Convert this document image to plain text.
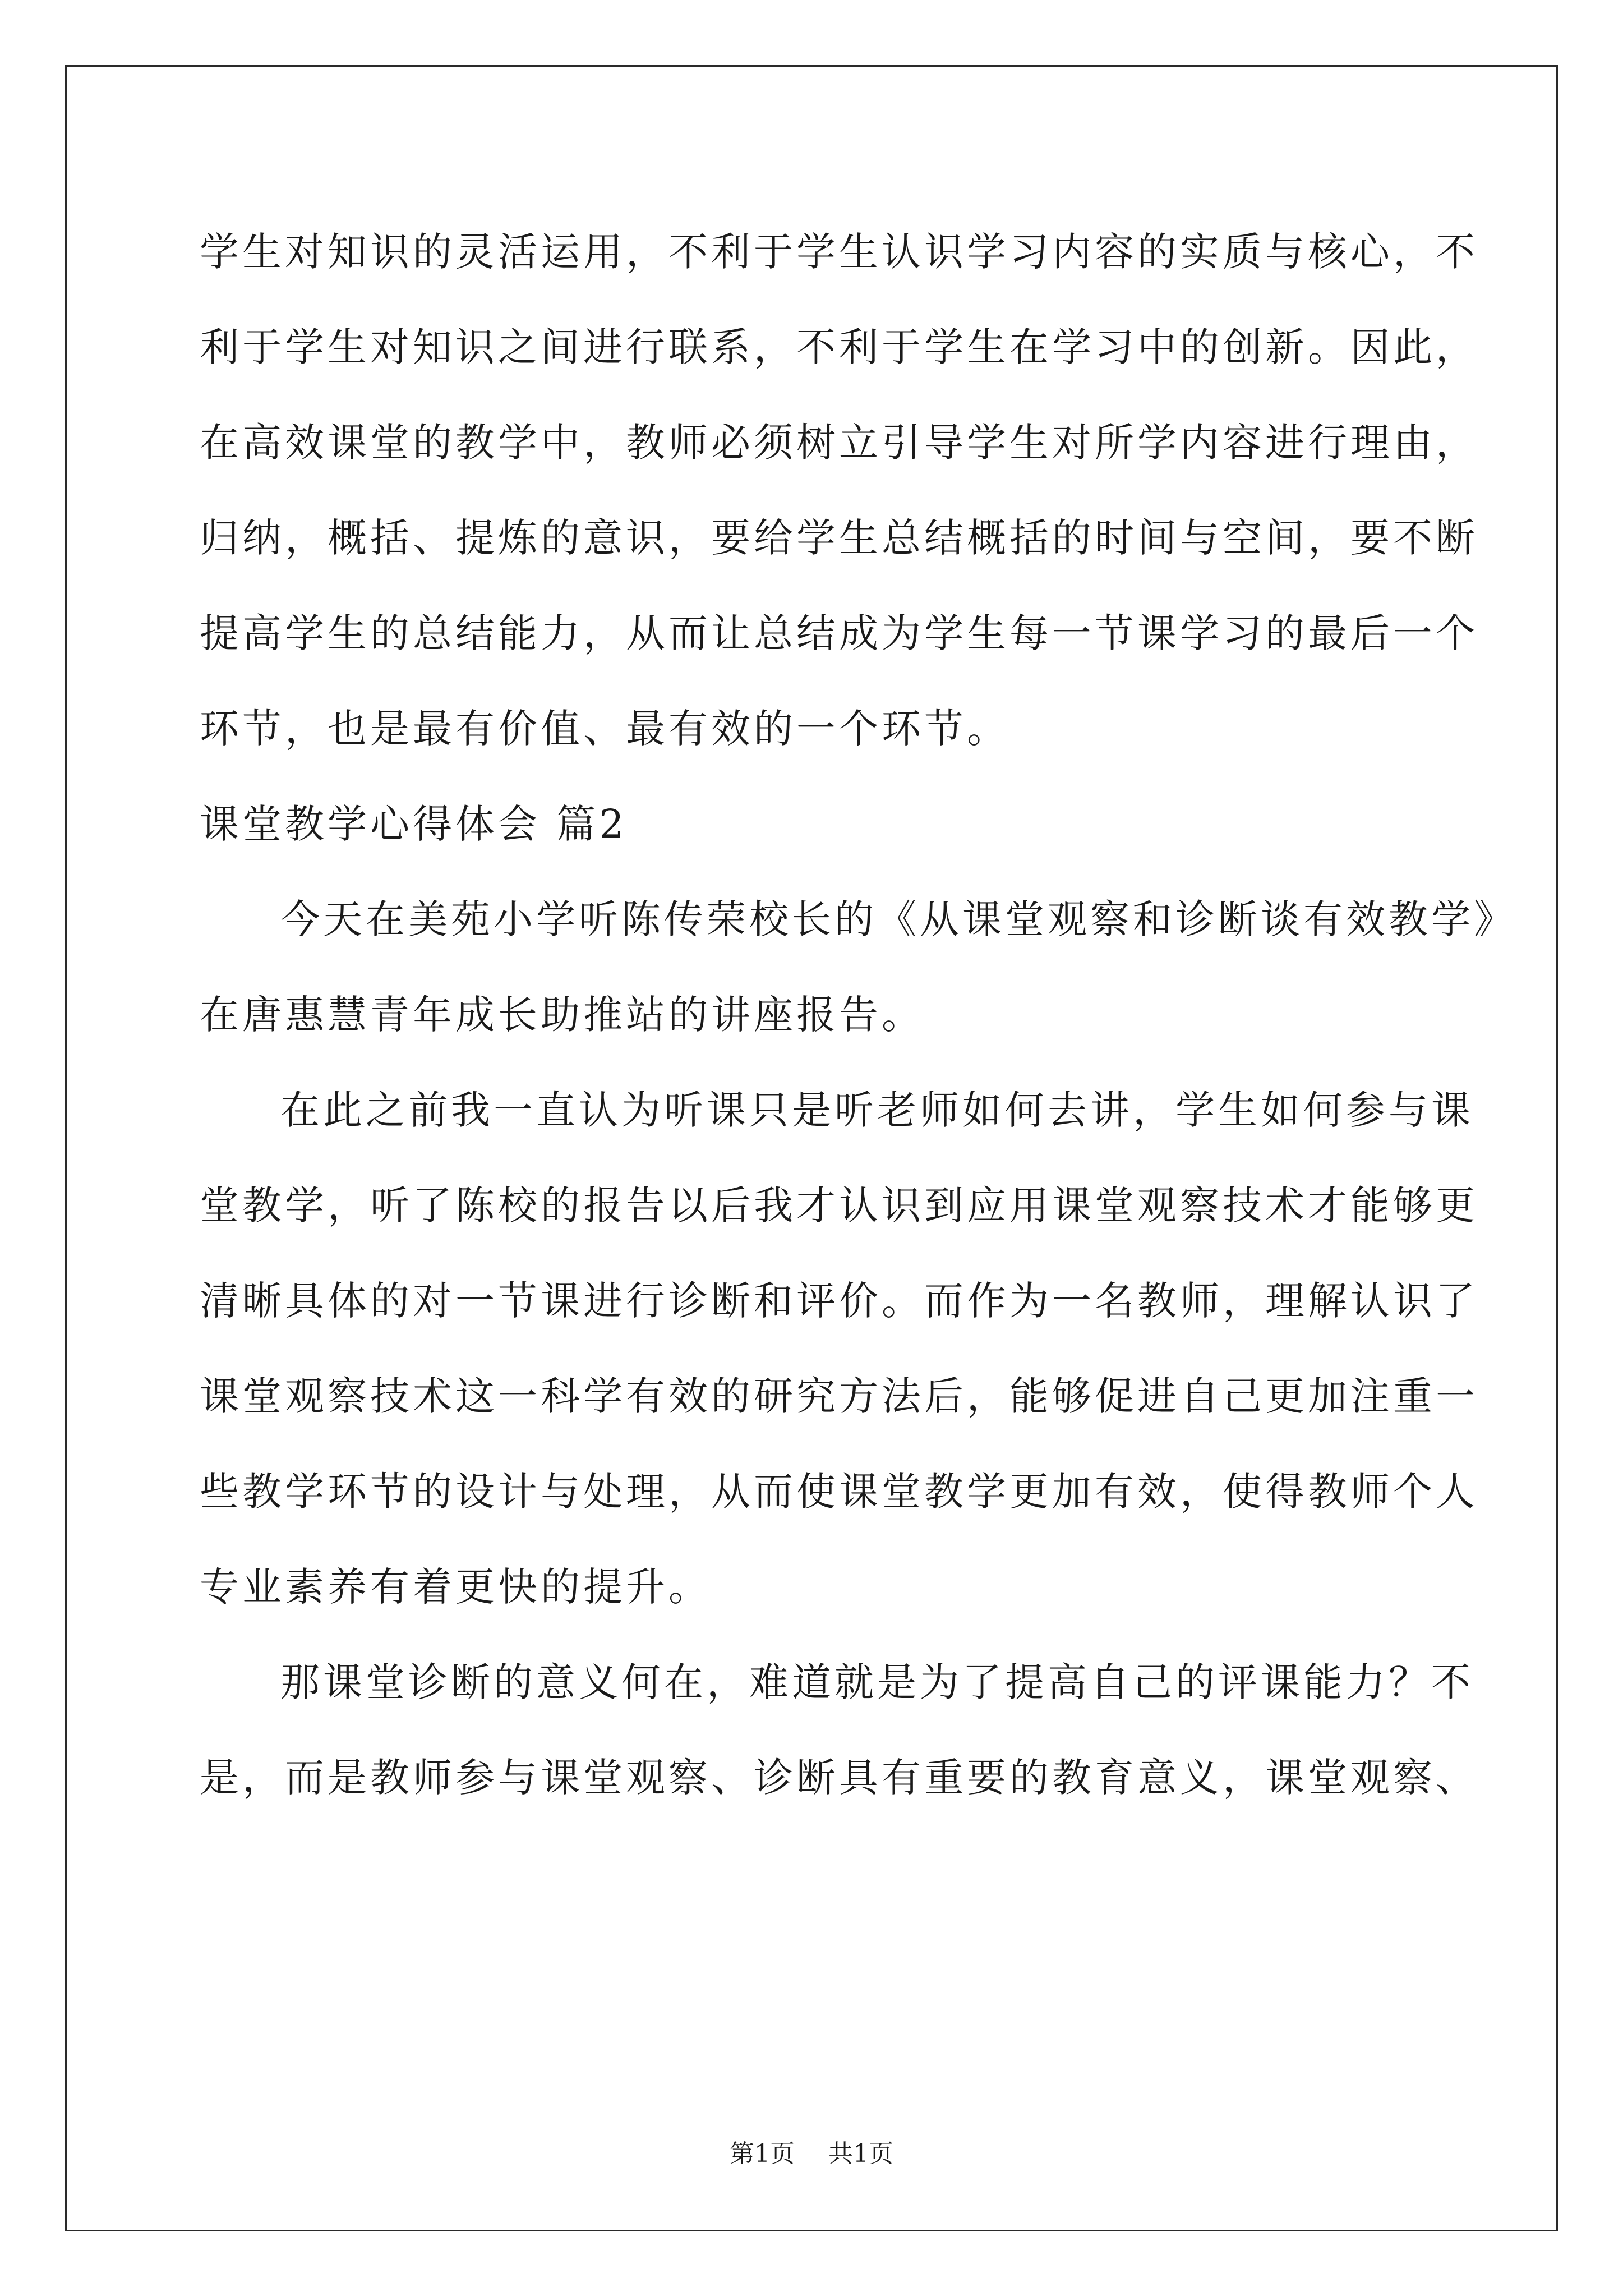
学生对知识的灵活运用，不利于学生认识学习内容的实质与核心，不
利于学生对知识之间进行联系，不利于学生在学习中的创新。因此，
在高效课堂的教学中，教师必须树立引导学生对所学内容进行理由，
归纳，概括、提炼的意识，要给学生总结概括的时间与空间，要不断
提高学生的总结能力，从而让总结成为学生每一节课学习的最后一个
环节，也是最有价值、最有效的一个环节。
课堂教学心得体会 篇2
今天在美苑小学听陈传荣校长的《从课堂观察和诊断谈有效教学》
在唐惠慧青年成长助推站的讲座报告。
在此之前我一直认为听课只是听老师如何去讲，学生如何参与课
堂教学，听了陈校的报告以后我才认识到应用课堂观察技术才能够更
清晰具体的对一节课进行诊断和评价。而作为一名教师，理解认识了
课堂观察技术这一科学有效的研究方法后，能够促进自己更加注重一
些教学环节的设计与处理，从而使课堂教学更加有效，使得教师个人
专业素养有着更快的提升。
那课堂诊断的意义何在，难道就是为了提高自己的评课能力？不
是，而是教师参与课堂观察、诊断具有重要的教育意义，课堂观察、
第1页 共1页
